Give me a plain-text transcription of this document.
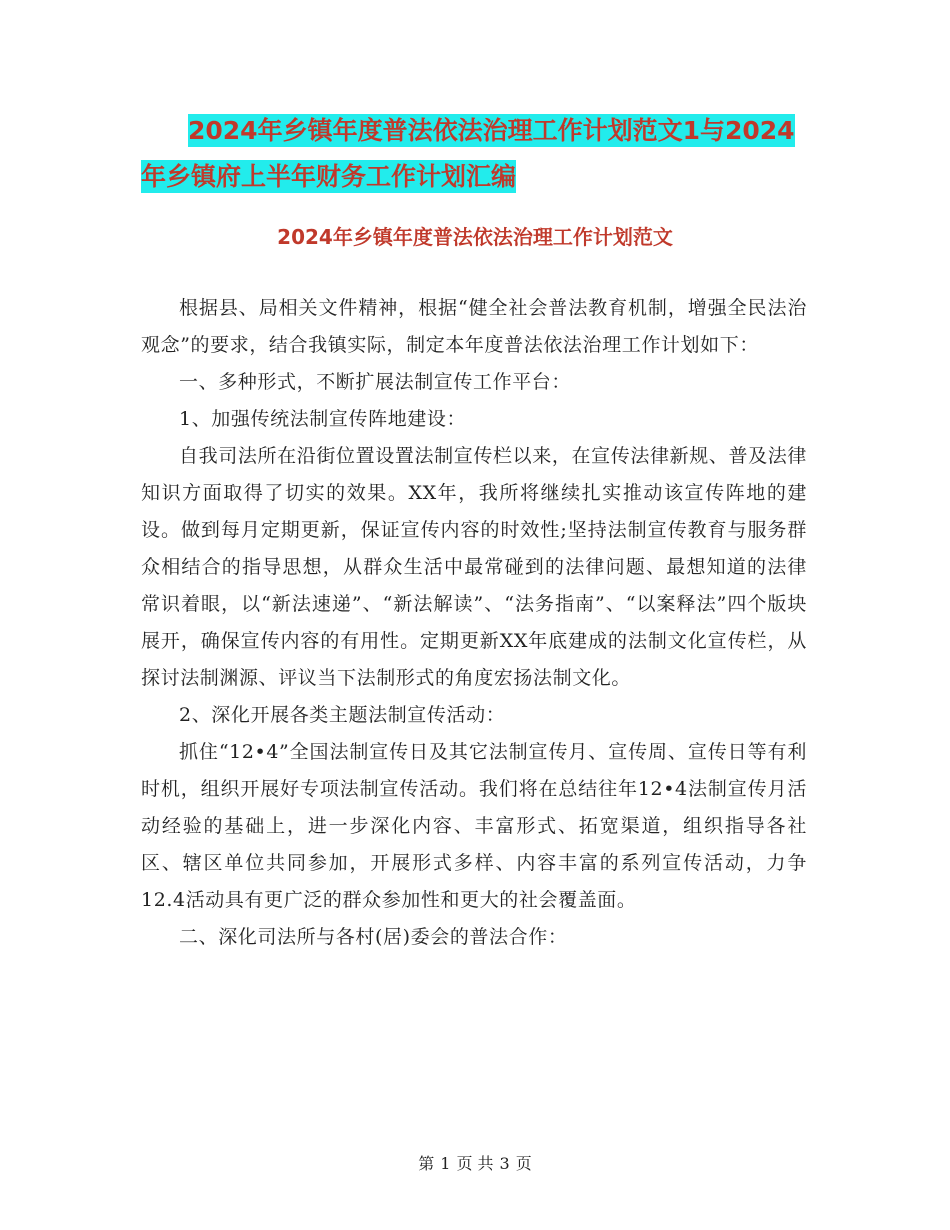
2024年乡镇年度普法依法治理工作计划范文1与2024
年乡镇府上半年财务工作计划汇编
2024年乡镇年度普法依法治理工作计划范文

根据县、局相关文件精神，根据“健全社会普法教育机制，增强全民法治观念”的要求，结合我镇实际，制定本年度普法依法治理工作计划如下：

一、多种形式，不断扩展法制宣传工作平台：

1、加强传统法制宣传阵地建设：

自我司法所在沿街位置设置法制宣传栏以来，在宣传法律新规、普及法律知识方面取得了切实的效果。XX年，我所将继续扎实推动该宣传阵地的建设。做到每月定期更新，保证宣传内容的时效性;坚持法制宣传教育与服务群众相结合的指导思想，从群众生活中最常碰到的法律问题、最想知道的法律常识着眼，以“新法速递”、“新法解读”、“法务指南”、“以案释法”四个版块展开，确保宣传内容的有用性。定期更新XX年底建成的法制文化宣传栏，从探讨法制渊源、评议当下法制形式的角度宏扬法制文化。

2、深化开展各类主题法制宣传活动：

抓住“12•4”全国法制宣传日及其它法制宣传月、宣传周、宣传日等有利时机，组织开展好专项法制宣传活动。我们将在总结往年12•4法制宣传月活动经验的基础上，进一步深化内容、丰富形式、拓宽渠道，组织指导各社区、辖区单位共同参加，开展形式多样、内容丰富的系列宣传活动，力争12.4活动具有更广泛的群众参加性和更大的社会覆盖面。

二、深化司法所与各村(居)委会的普法合作：

第 1 页 共 3 页
